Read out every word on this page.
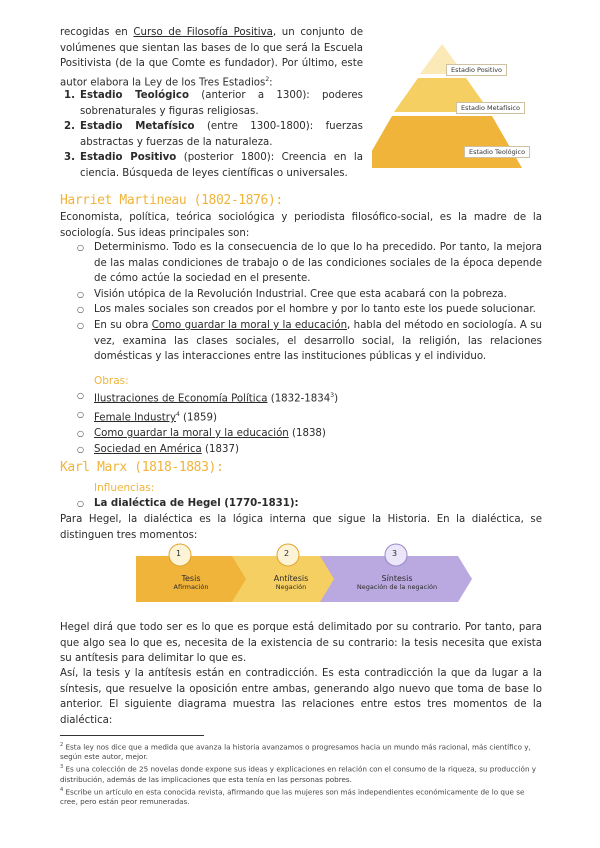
recogidas en Curso de Filosofía Positiva, un conjunto de volúmenes que sientan las bases de lo que será la Escuela Positivista (de la que Comte es fundador). Por último, este autor elabora la Ley de los Tres Estadios$^2$:
1. Estadio Teológico (anterior a 1300): poderes sobrenaturales y figuras religiosas.
2. Estadio Metafísico (entre 1300-1800): fuerzas abstractas y fuerzas de la naturaleza.
3. Estadio Positivo (posterior 1800): Creencia en la ciencia. Búsqueda de leyes científicas o universales.
Estadio Positivo
Estadio Metafísico
Estadio Teológico
Harriet Martineau (1802-1876):
Economista, política, teórica sociológica y periodista filosófico-social, es la madre de la sociología. Sus ideas principales son:
○ Determinismo. Todo es la consecuencia de lo que lo ha precedido. Por tanto, la mejora de las malas condiciones de trabajo o de las condiciones sociales de la época depende de cómo actúe la sociedad en el presente.
○ Visión utópica de la Revolución Industrial. Cree que esta acabará con la pobreza.
○ Los males sociales son creados por el hombre y por lo tanto este los puede solucionar.
○ En su obra Como guardar la moral y la educación, habla del método en sociología. A su vez, examina las clases sociales, el desarrollo social, la religión, las relaciones domésticas y las interacciones entre las instituciones públicas y el individuo.
Obras:
○ Ilustraciones de Economía Política (1832-1834$^3$)
○ Female Industry$^4$ (1859)
○ Como guardar la moral y la educación (1838)
○ Sociedad en América (1837)
Karl Marx (1818-1883):
Influencias:
○ La dialéctica de Hegel (1770-1831):
Para Hegel, la dialéctica es la lógica interna que sigue la Historia. En la dialéctica, se distinguen tres momentos:
1	2	3
Tesis
Afirmación
Antítesis
Negación
Síntesis
Negación de la negación
Hegel dirá que todo ser es lo que es porque está delimitado por su contrario. Por tanto, para que algo sea lo que es, necesita de la existencia de su contrario: la tesis necesita que exista su antítesis para delimitar lo que es.
Así, la tesis y la antítesis están en contradicción. Es esta contradicción la que da lugar a la síntesis, que resuelve la oposición entre ambas, generando algo nuevo que toma de base lo anterior. El siguiente diagrama muestra las relaciones entre estos tres momentos de la dialéctica:
$^2$ Esta ley nos dice que a medida que avanza la historia avanzamos o progresamos hacia un mundo más racional, más científico y, según este autor, mejor.
$^3$ Es una colección de 25 novelas donde expone sus ideas y explicaciones en relación con el consumo de la riqueza, su producción y distribución, además de las implicaciones que esta tenía en las personas pobres.
$^4$ Escribe un artículo en esta conocida revista, afirmando que las mujeres son más independientes económicamente de lo que se cree, pero están peor remuneradas.
